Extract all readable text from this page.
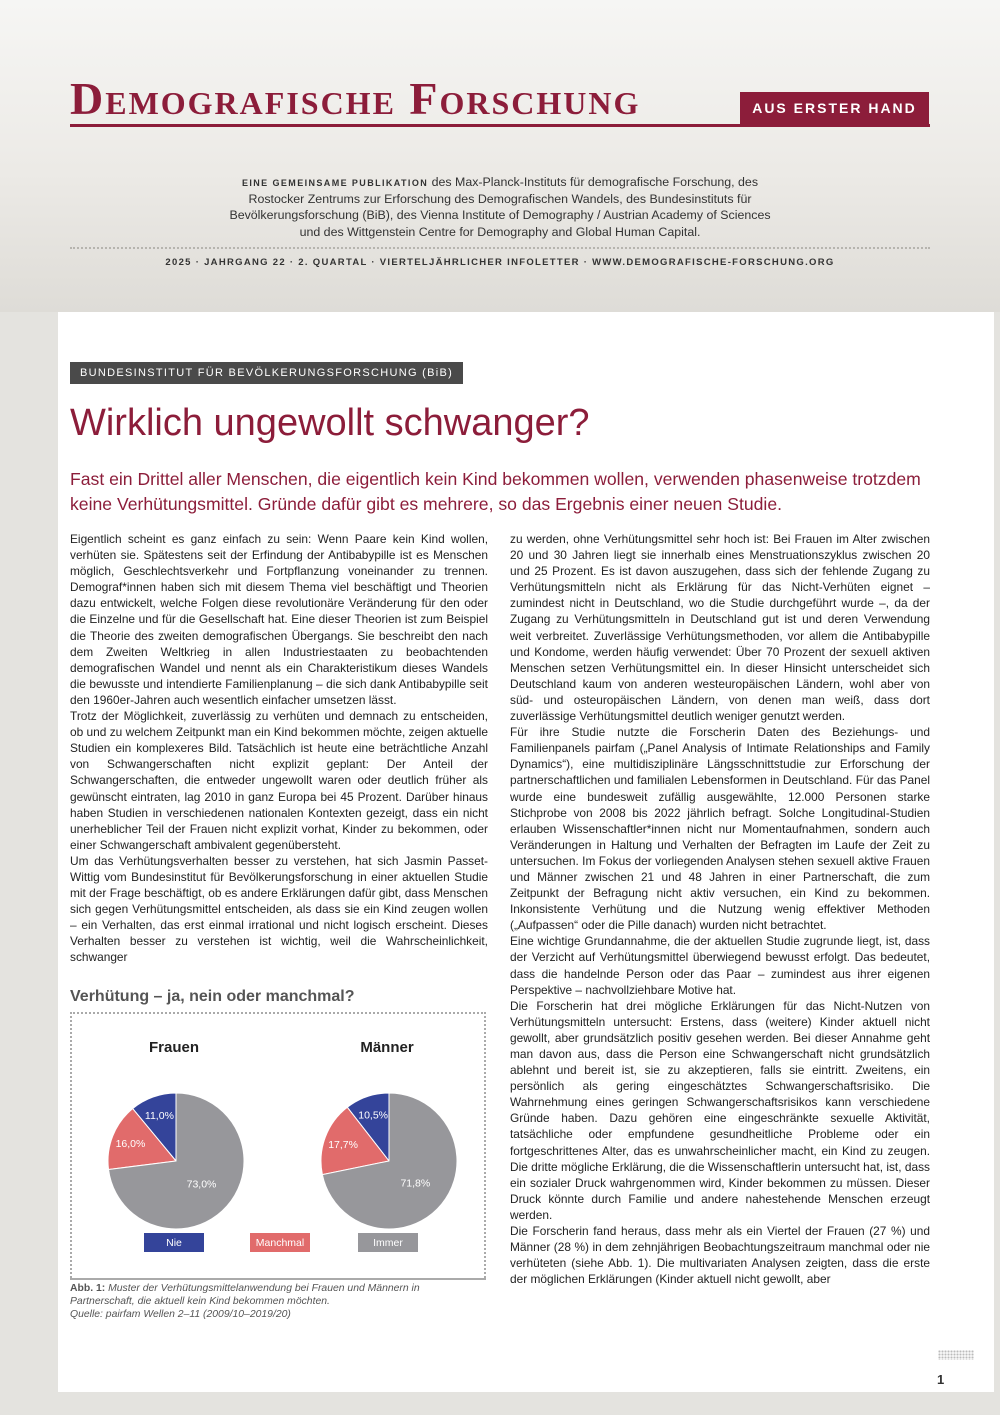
Demografische Forschung	AUS ERSTER HAND
EINE GEMEINSAME PUBLIKATION des Max-Planck-Instituts für demografische Forschung, des Rostocker Zentrums zur Erforschung des Demografischen Wandels, des Bundesinstituts für Bevölkerungsforschung (BiB), des Vienna Institute of Demography / Austrian Academy of Sciences und des Wittgenstein Centre for Demography and Global Human Capital.
2025 · JAHRGANG 22 · 2. QUARTAL · VIERTELJÄHRLICHER INFOLETTER · WWW.DEMOGRAFISCHE-FORSCHUNG.ORG
BUNDESINSTITUT FÜR BEVÖLKERUNGSFORSCHUNG (BiB)
Wirklich ungewollt schwanger?
Fast ein Drittel aller Menschen, die eigentlich kein Kind bekommen wollen, verwenden phasenweise trotzdem keine Verhütungsmittel. Gründe dafür gibt es mehrere, so das Ergebnis einer neuen Studie.

Eigentlich scheint es ganz einfach zu sein: Wenn Paare kein Kind wollen, verhüten sie. Spätestens seit der Erfindung der Antibabypille ist es Menschen möglich, Geschlechtsverkehr und Fortpflanzung voneinander zu trennen. Demograf*innen haben sich mit diesem Thema viel beschäftigt und Theorien dazu entwickelt, welche Folgen diese revolutionäre Veränderung für den oder die Einzelne und für die Gesellschaft hat. Eine dieser Theorien ist zum Beispiel die Theorie des zweiten demografischen Übergangs. Sie beschreibt den nach dem Zweiten Weltkrieg in allen Industriestaaten zu beobachtenden demografischen Wandel und nennt als ein Charakteristikum dieses Wandels die bewusste und intendierte Familienplanung – die sich dank Antibabypille seit den 1960er-Jahren auch wesentlich einfacher umsetzen lässt.

Trotz der Möglichkeit, zuverlässig zu verhüten und demnach zu entscheiden, ob und zu welchem Zeitpunkt man ein Kind bekommen möchte, zeigen aktuelle Studien ein komplexeres Bild. Tatsächlich ist heute eine beträchtliche Anzahl von Schwangerschaften nicht explizit geplant: Der Anteil der Schwangerschaften, die entweder ungewollt waren oder deutlich früher als gewünscht eintraten, lag 2010 in ganz Europa bei 45 Prozent. Darüber hinaus haben Studien in verschiedenen nationalen Kontexten gezeigt, dass ein nicht unerheblicher Teil der Frauen nicht explizit vorhat, Kinder zu bekommen, oder einer Schwangerschaft ambivalent gegenübersteht.

Um das Verhütungsverhalten besser zu verstehen, hat sich Jasmin Passet-Wittig vom Bundesinstitut für Bevölkerungsforschung in einer aktuellen Studie mit der Frage beschäftigt, ob es andere Erklärungen dafür gibt, dass Menschen sich gegen Verhütungsmittel entscheiden, als dass sie ein Kind zeugen wollen – ein Verhalten, das erst einmal irrational und nicht logisch erscheint. Dieses Verhalten besser zu verstehen ist wichtig, weil die Wahrscheinlichkeit, schwanger

zu werden, ohne Verhütungsmittel sehr hoch ist: Bei Frauen im Alter zwischen 20 und 30 Jahren liegt sie innerhalb eines Menstruationszyklus zwischen 20 und 25 Prozent. Es ist davon auszugehen, dass sich der fehlende Zugang zu Verhütungsmitteln nicht als Erklärung für das Nicht-Verhüten eignet – zumindest nicht in Deutschland, wo die Studie durchgeführt wurde –, da der Zugang zu Verhütungsmitteln in Deutschland gut ist und deren Verwendung weit verbreitet. Zuverlässige Verhütungsmethoden, vor allem die Antibabypille und Kondome, werden häufig verwendet: Über 70 Prozent der sexuell aktiven Menschen setzen Verhütungsmittel ein. In dieser Hinsicht unterscheidet sich Deutschland kaum von anderen westeuropäischen Ländern, wohl aber von süd- und osteuropäischen Ländern, von denen man weiß, dass dort zuverlässige Verhütungsmittel deutlich weniger genutzt werden.

Für ihre Studie nutzte die Forscherin Daten des Beziehungs- und Familienpanels pairfam („Panel Analysis of Intimate Relationships and Family Dynamics“), eine multidisziplinäre Längsschnittstudie zur Erforschung der partnerschaftlichen und familialen Lebensformen in Deutschland. Für das Panel wurde eine bundesweit zufällig ausgewählte, 12.000 Personen starke Stichprobe von 2008 bis 2022 jährlich befragt. Solche Longitudinal-Studien erlauben Wissenschaftler*innen nicht nur Momentaufnahmen, sondern auch Veränderungen in Haltung und Verhalten der Befragten im Laufe der Zeit zu untersuchen. Im Fokus der vorliegenden Analysen stehen sexuell aktive Frauen und Männer zwischen 21 und 48 Jahren in einer Partnerschaft, die zum Zeitpunkt der Befragung nicht aktiv versuchen, ein Kind zu bekommen. Inkonsistente Verhütung und die Nutzung wenig effektiver Methoden („Aufpassen“ oder die Pille danach) wurden nicht betrachtet.

Eine wichtige Grundannahme, die der aktuellen Studie zugrunde liegt, ist, dass der Verzicht auf Verhütungsmittel überwiegend bewusst erfolgt. Das bedeutet, dass die handelnde Person oder das Paar – zumindest aus ihrer eigenen Perspektive – nachvollziehbare Motive hat.

Die Forscherin hat drei mögliche Erklärungen für das Nicht-Nutzen von Verhütungsmitteln untersucht: Erstens, dass (weitere) Kinder aktuell nicht gewollt, aber grundsätzlich positiv gesehen werden. Bei dieser Annahme geht man davon aus, dass die Person eine Schwangerschaft nicht grundsätzlich ablehnt und bereit ist, sie zu akzeptieren, falls sie eintritt. Zweitens, ein persönlich als gering eingeschätztes Schwangerschaftsrisiko. Die Wahrnehmung eines geringen Schwangerschaftsrisikos kann verschiedene Gründe haben. Dazu gehören eine eingeschränkte sexuelle Aktivität, tatsächliche oder empfundene gesundheitliche Probleme oder ein fortgeschrittenes Alter, das es unwahrscheinlicher macht, ein Kind zu zeugen. Die dritte mögliche Erklärung, die die Wissenschaftlerin untersucht hat, ist, dass ein sozialer Druck wahrgenommen wird, Kinder bekommen zu müssen. Dieser Druck könnte durch Familie und andere nahestehende Menschen erzeugt werden.

Die Forscherin fand heraus, dass mehr als ein Viertel der Frauen (27 %) und Männer (28 %) in dem zehnjährigen Beobachtungszeitraum manchmal oder nie verhüteten (siehe Abb. 1). Die multivariaten Analysen zeigten, dass die erste der möglichen Erklärungen (Kinder aktuell nicht gewollt, aber

Verhütung – ja, nein oder manchmal?
Frauen	Männer
11,0%
16,0%
73,0%
10,5%
17,7%
71,8%
Nie	Manchmal	Immer
Abb. 1: Muster der Verhütungsmittelanwendung bei Frauen und Männern in Partnerschaft, die aktuell kein Kind bekommen möchten.
Quelle: pairfam Wellen 2–11 (2009/10–2019/20)
1
